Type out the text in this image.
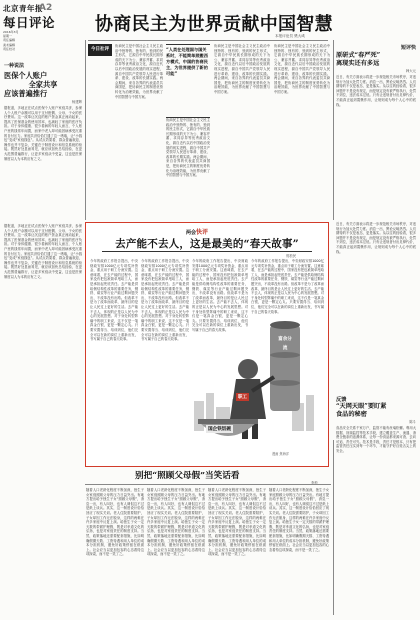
北京青年报
A2
每日评论
2016年3月
星期一
责任编辑
美术编辑
责任校对
协商民主为世界贡献中国智慧
本报评论员 樊大彧
一种说法
医保个人账户
全家共享
应该普遍推行
杨建辉
据报道，多地正在试点医保个人账户家庭共济，参保人个人账户余额可以用于支付配偶、父母、子女的医疗费用。这一改革让沉淀的账户资金真正流动起来，提高了医保基金的使用效率，也减轻了家庭的医疗负担。对于身体健康、很少看病的年轻人而言，个人账户里的钱常年闲置，而家中老人却可能因病承受沉重的自付压力。家庭共济恰恰打通了这一堵墙，让“小钱包”变成“家庭钱包”。从试点效果看，群众普遍欢迎，操作也并不复杂，关键在于制度设计和信息系统的衔接。既然好处显而易见，就应该加快总结经验，在更大范围普遍推行，让更多家庭从中受益，这也是医保制度以人为本的应有之义。
今日社评
协商民主是中国社会主义民主政治中独特的、独有的、独到的民主形式，它源自中华民族长期形成的天下为公、兼容并蓄、求同存异等优秀政治文化，源自近代以后中国政治发展的现实进程，源自中国共产党领导人民进行革命、建设、改革的长期实践。两会期间，来自各界的代表委员共商国是，把协商民主的制度优势转化为治理效能，为世界贡献了中国智慧与中国方案。
“人类在处理国与国关系时，不能简单照搬西方模式，中国的协商民主，为世界提供了新的可能”
协商民主是中国社会主义民主政治中独特的、独有的、独到的民主形式，它源自中华民族长期形成的天下为公、兼容并蓄、求同存异等优秀政治文化，源自近代以后中国政治发展的现实进程，源自中国共产党领导人民进行革命、建设、改革的长期实践。两会期间，来自各界的代表委员共商国是，把协商民主的制度优势转化为治理效能，为世界贡献了中国智慧与中国方案。
协商民主是中国社会主义民主政治中独特的、独有的、独到的民主形式，它源自中华民族长期形成的天下为公、兼容并蓄、求同存异等优秀政治文化，源自近代以后中国政治发展的现实进程，源自中国共产党领导人民进行革命、建设、改革的长期实践。两会期间，来自各界的代表委员共商国是，把协商民主的制度优势转化为治理效能，为世界贡献了中国智慧与中国方案。
协商民主是中国社会主义民主政治中独特的、独有的、独到的民主形式，它源自中华民族长期形成的天下为公、兼容并蓄、求同存异等优秀政治文化，源自近代以后中国政治发展的现实进程，源自中国共产党领导人民进行革命、建设、改革的长期实践。两会期间，来自各界的代表委员共商国是，把协商民主的制度优势转化为治理效能，为世界贡献了中国智慧与中国方案。
短评快
原研式“春严死”
离现实还有多远
韩大元
近日，有关方面表示将进一步规范相关市场秩序，对违规行为加大处罚力度。消息一出，舆论反响热烈。人们期待的不仅是表态，更是落实。从以往的经验看，很多问题并不是没有规定，而是规定没有被严格执行，处罚不到位，违法成本过低。只有让违规者付出足够代价，才能真正起到震慑作用，让规则成为每个人心中的底线。
两会快评
去产能不去人，这是最美的“春天故事”
郭松民
今年的政府工作报告提出，中央财政安排1000亿元专项奖补资金，重点用于职工分流安置。这意味着，在去产能的过程中，国家没有把包袱简单甩给工人，而是承担起兜底责任。去产能是供给侧结构性改革的重要任务，钢铁、煤炭等行业产能过剩问题突出，不改革没有出路。但改革不是为了改革而改革，最终目的是让人民过上更好的生活。去产能不去人，体现的正是以人民为中心的发展思想。对于身处转型阵痛中的职工来说，这不仅是一笔真金白银，更是一颗定心丸。只要安置得当、培训到位，他们完全可以在新的岗位上重新出发，书写属于自己的春天故事。
今年的政府工作报告提出，中央财政安排1000亿元专项奖补资金，重点用于职工分流安置。这意味着，在去产能的过程中，国家没有把包袱简单甩给工人，而是承担起兜底责任。去产能是供给侧结构性改革的重要任务，钢铁、煤炭等行业产能过剩问题突出，不改革没有出路。但改革不是为了改革而改革，最终目的是让人民过上更好的生活。去产能不去人，体现的正是以人民为中心的发展思想。对于身处转型阵痛中的职工来说，这不仅是一笔真金白银，更是一颗定心丸。只要安置得当、培训到位，他们完全可以在新的岗位上重新出发，书写属于自己的春天故事。
今年的政府工作报告提出，中央财政安排1000亿元专项奖补资金，重点用于职工分流安置。这意味着，在去产能的过程中，国家没有把包袱简单甩给工人，而是承担起兜底责任。去产能是供给侧结构性改革的重要任务，钢铁、煤炭等行业产能过剩问题突出，不改革没有出路。但改革不是为了改革而改革，最终目的是让人民过上更好的生活。去产能不去人，体现的正是以人民为中心的发展思想。对于身处转型阵痛中的职工来说，这不仅是一笔真金白银，更是一颗定心丸。只要安置得当、培训到位，他们完全可以在新的岗位上重新出发，书写属于自己的春天故事。
今年的政府工作报告提出，中央财政安排1000亿元专项奖补资金，重点用于职工分流安置。这意味着，在去产能的过程中，国家没有把包袱简单甩给工人，而是承担起兜底责任。去产能是供给侧结构性改革的重要任务，钢铁、煤炭等行业产能过剩问题突出，不改革没有出路。但改革不是为了改革而改革，最终目的是让人民过上更好的生活。去产能不去人，体现的正是以人民为中心的发展思想。对于身处转型阵痛中的职工来说，这不仅是一笔真金白银，更是一颗定心丸。只要安置得当、培训到位，他们完全可以在新的岗位上重新出发，书写属于自己的春天故事。
富余分流
职工
国企铁饭碗
漫画 焦海洋
近日，有关方面表示将进一步规范相关市场秩序，对违规行为加大处罚力度。消息一出，舆论反响热烈。人们期待的不仅是表态，更是落实。从以往的经验看，很多问题并不是没有规定，而是规定没有被严格执行，处罚不到位，违法成本过低。只有让违规者付出足够代价，才能真正起到震慑作用，让规则成为每个人心中的底线。
反馈
“天网天眼”要盯紧
食品的秘密
陈斗
食品安全关系千家万户，监管不能有丝毫松懈。利用大数据、视频监控等技术手段，建立覆盖生产、流通、消费全链条的追溯体系，让每一份食品都来源可查、去向可追、责任可究。技术是手段，责任才是根本，只有把监管责任压实到每一个环节，才能守护好百姓舌尖上的安全。
据报道，多地正在试点医保个人账户家庭共济，参保人个人账户余额可以用于支付配偶、父母、子女的医疗费用。这一改革让沉淀的账户资金真正流动起来，提高了医保基金的使用效率，也减轻了家庭的医疗负担。对于身体健康、很少看病的年轻人而言，个人账户里的钱常年闲置，而家中老人却可能因病承受沉重的自付压力。家庭共济恰恰打通了这一堵墙，让“小钱包”变成“家庭钱包”。从试点效果看，群众普遍欢迎，操作也并不复杂，关键在于制度设计和信息系统的衔接。既然好处显而易见，就应该加快总结经验，在更大范围普遍推行，让更多家庭从中受益，这也是医保制度以人为本的应有之义。
别把“照顾父母假”当笑话看
李松
随着人口老龄化程度不断加深，独生子女家庭照顾父母的压力日益突出。有地方提出给予独生子女“照顾父母假”，消息一出，有人叫好，也有人调侃这不过是纸上谈兵。其实，这一制度设计恰恰回应了现实关切。老人住院需要陪护，子女却因工作无法脱身，这样的两难在许多家庭中反复上演。给独生子女一定天数的带薪护理假，既是对孝道文化的弘扬，也是对家庭责任的制度支持。当然，政策落地还需要配套措施，比如明确假期天数、工资待遇和用人单位的成本分担机制，避免好政策停留在纸面上。社会应当以更加包容的心态看待这项探索，而不是一笑了之。
随着人口老龄化程度不断加深，独生子女家庭照顾父母的压力日益突出。有地方提出给予独生子女“照顾父母假”，消息一出，有人叫好，也有人调侃这不过是纸上谈兵。其实，这一制度设计恰恰回应了现实关切。老人住院需要陪护，子女却因工作无法脱身，这样的两难在许多家庭中反复上演。给独生子女一定天数的带薪护理假，既是对孝道文化的弘扬，也是对家庭责任的制度支持。当然，政策落地还需要配套措施，比如明确假期天数、工资待遇和用人单位的成本分担机制，避免好政策停留在纸面上。社会应当以更加包容的心态看待这项探索，而不是一笑了之。
随着人口老龄化程度不断加深，独生子女家庭照顾父母的压力日益突出。有地方提出给予独生子女“照顾父母假”，消息一出，有人叫好，也有人调侃这不过是纸上谈兵。其实，这一制度设计恰恰回应了现实关切。老人住院需要陪护，子女却因工作无法脱身，这样的两难在许多家庭中反复上演。给独生子女一定天数的带薪护理假，既是对孝道文化的弘扬，也是对家庭责任的制度支持。当然，政策落地还需要配套措施，比如明确假期天数、工资待遇和用人单位的成本分担机制，避免好政策停留在纸面上。社会应当以更加包容的心态看待这项探索，而不是一笑了之。
随着人口老龄化程度不断加深，独生子女家庭照顾父母的压力日益突出。有地方提出给予独生子女“照顾父母假”，消息一出，有人叫好，也有人调侃这不过是纸上谈兵。其实，这一制度设计恰恰回应了现实关切。老人住院需要陪护，子女却因工作无法脱身，这样的两难在许多家庭中反复上演。给独生子女一定天数的带薪护理假，既是对孝道文化的弘扬，也是对家庭责任的制度支持。当然，政策落地还需要配套措施，比如明确假期天数、工资待遇和用人单位的成本分担机制，避免好政策停留在纸面上。社会应当以更加包容的心态看待这项探索，而不是一笑了之。
